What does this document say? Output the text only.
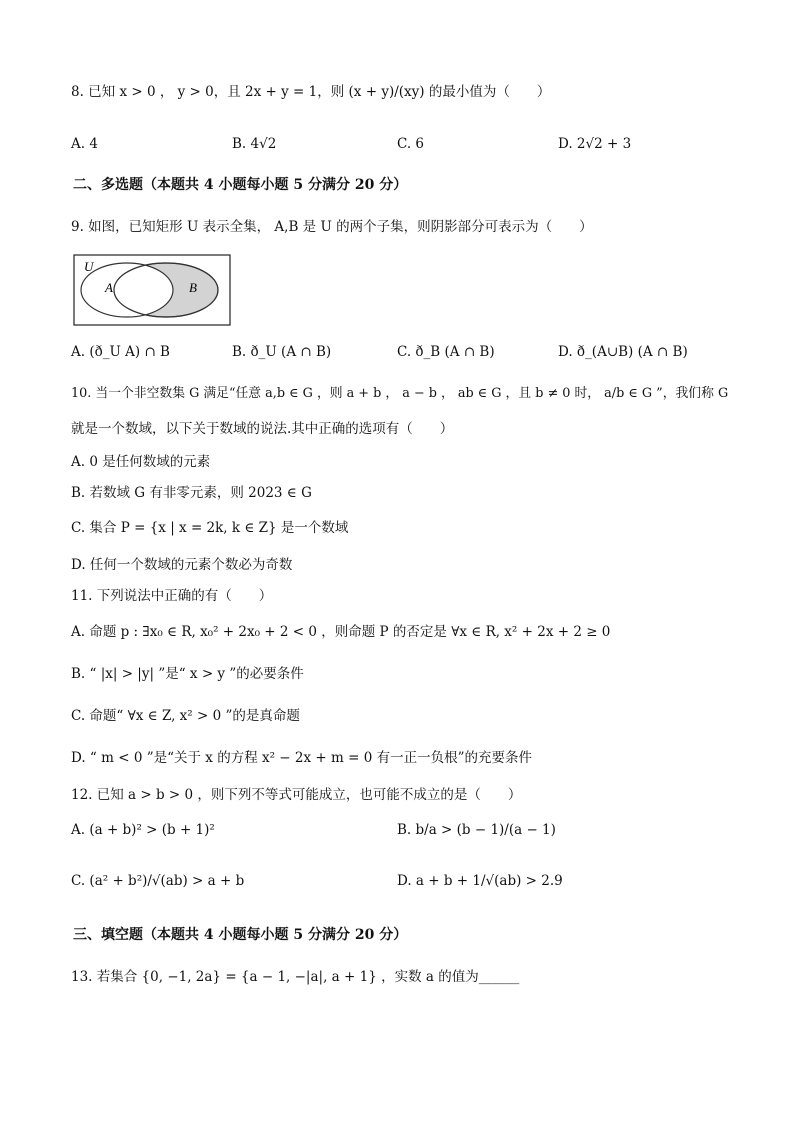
8. 已知 x > 0 ， y > 0，且 2x + y = 1，则 (x + y)/(xy) 的最小值为（　　）
A. 4	B. 4√2	C. 6	D. 2√2 + 3
二、多选题（本题共 4 小题每小题 5 分满分 20 分）
9. 如图，已知矩形 U 表示全集， A,B 是 U 的两个子集，则阴影部分可表示为（　　）
U
A	B
A. (ð_U A) ∩ B	B. ð_U (A ∩ B)	C. ð_B (A ∩ B)	D. ð_(A∪B) (A ∩ B)
10. 当一个非空数集 G 满足“任意 a,b ∈ G ，则 a + b ， a − b ， ab ∈ G ，且 b ≠ 0 时， a/b ∈ G ”，我们称 G
就是一个数域，以下关于数域的说法.其中正确的选项有（　　）
A. 0 是任何数域的元素
B. 若数域 G 有非零元素，则 2023 ∈ G
C. 集合 P = {x | x = 2k, k ∈ Z} 是一个数域
D. 任何一个数域的元素个数必为奇数
11. 下列说法中正确的有（　　）
A. 命题 p : ∃x₀ ∈ R, x₀² + 2x₀ + 2 < 0 ，则命题 P 的否定是 ∀x ∈ R, x² + 2x + 2 ≥ 0
B. “ |x| > |y| ”是“ x > y ”的必要条件
C. 命题“ ∀x ∈ Z, x² > 0 ”的是真命题
D. “ m < 0 ”是“关于 x 的方程 x² − 2x + m = 0 有一正一负根”的充要条件
12. 已知 a > b > 0 ，则下列不等式可能成立，也可能不成立的是（　　）
A. (a + b)² > (b + 1)²	B. b/a > (b − 1)/(a − 1)
C. (a² + b²)/√(ab) > a + b	D. a + b + 1/√(ab) > 2.9
三、填空题（本题共 4 小题每小题 5 分满分 20 分）
13. 若集合 {0, −1, 2a} = {a − 1, −|a|, a + 1} ，实数 a 的值为______
